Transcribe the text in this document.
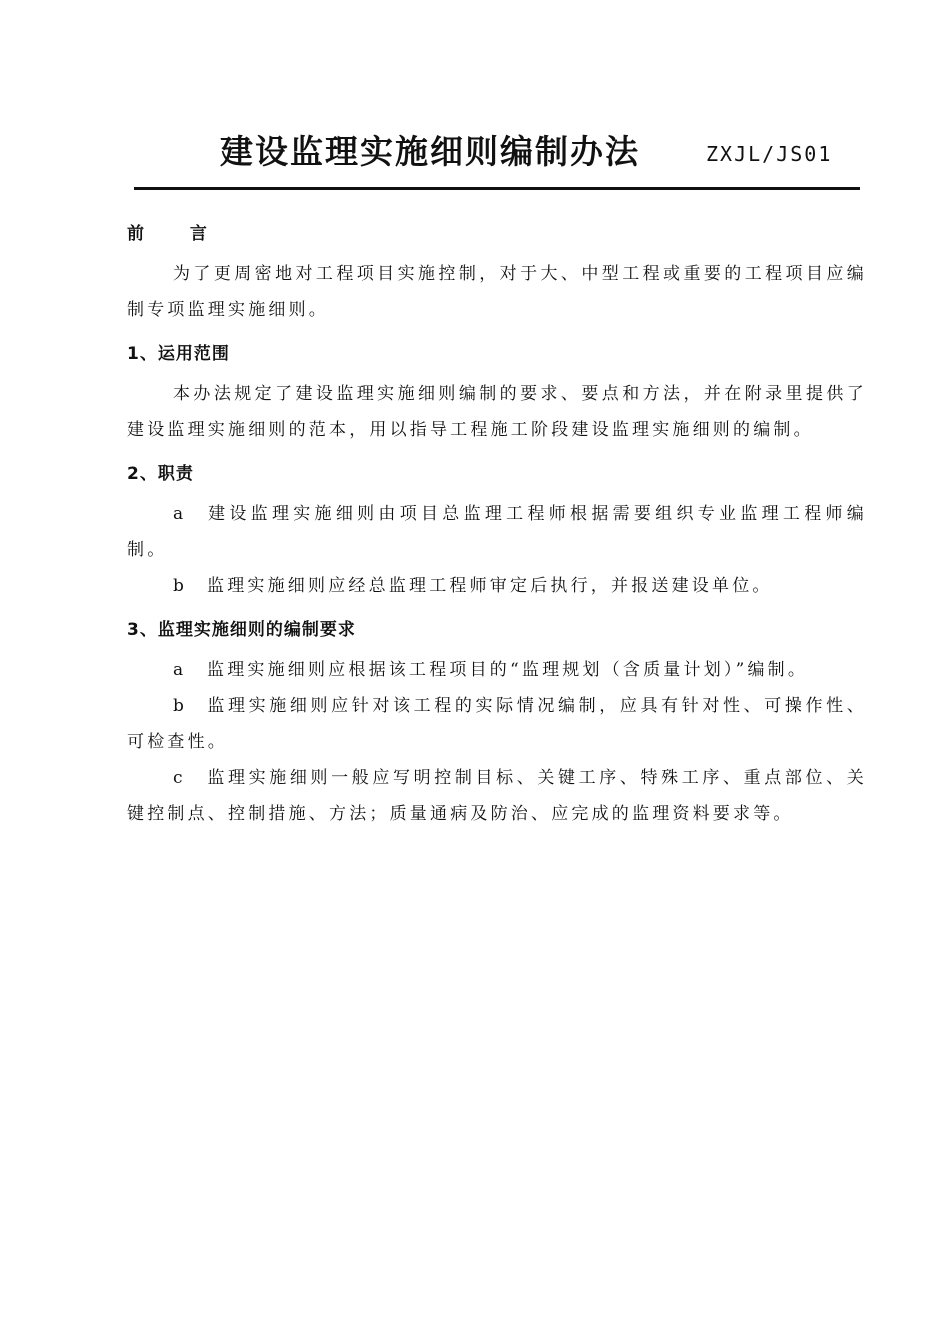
建设监理实施细则编制办法	ZXJL/JS01
前 言

为了更周密地对工程项目实施控制，对于大、中型工程或重要的工程项目应编制专项监理实施细则。

1、运用范围

本办法规定了建设监理实施细则编制的要求、要点和方法，并在附录里提供了建设监理实施细则的范本，用以指导工程施工阶段建设监理实施细则的编制。

2、职责

a 建设监理实施细则由项目总监理工程师根据需要组织专业监理工程师编制。

b 监理实施细则应经总监理工程师审定后执行，并报送建设单位。

3、监理实施细则的编制要求

a 监理实施细则应根据该工程项目的“监理规划（含质量计划）”编制。

b 监理实施细则应针对该工程的实际情况编制，应具有针对性、可操作性、可检查性。

c 监理实施细则一般应写明控制目标、关键工序、特殊工序、重点部位、关键控制点、控制措施、方法；质量通病及防治、应完成的监理资料要求等。
